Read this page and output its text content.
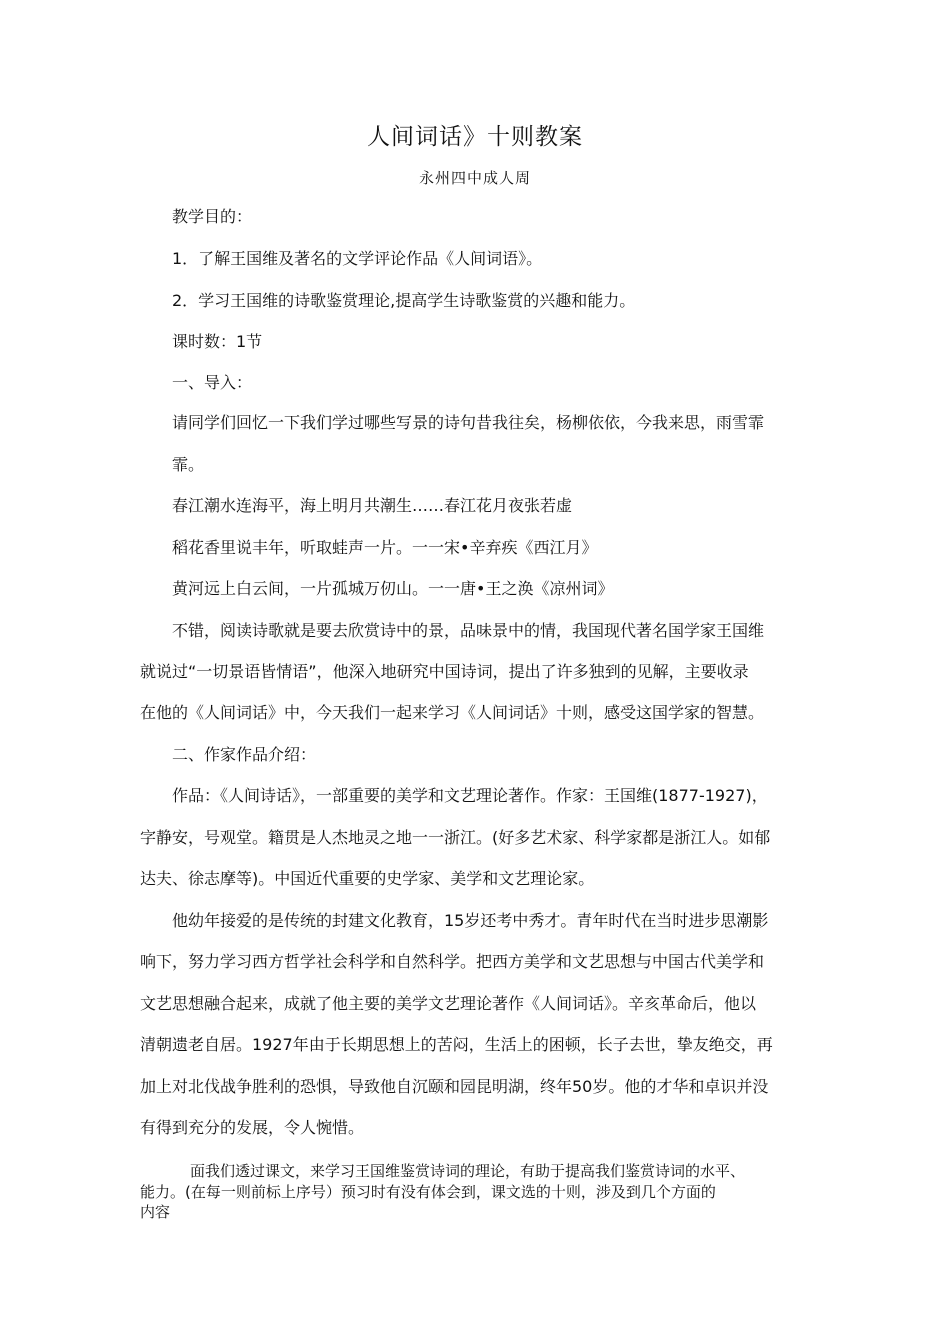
人间词话》十则教案
永州四中成人周
教学目的：
1．了解王国维及著名的文学评论作品《人间词语》。
2．学习王国维的诗歌鉴赏理论,提高学生诗歌鉴赏的兴趣和能力。
课时数：1节
一、导入：
请同学们回忆一下我们学过哪些写景的诗句昔我往矣，杨柳依依，今我来思，雨雪霏
霏。
春江潮水连海平，海上明月共潮生……春江花月夜张若虚
稻花香里说丰年，听取蛙声一片。一一宋•辛弃疾《西江月》
黄河远上白云间，一片孤城万仞山。一一唐•王之涣《凉州词》
不错，阅读诗歌就是要去欣赏诗中的景，品味景中的情，我国现代著名国学家王国维
就说过“一切景语皆情语”，他深入地研究中国诗词，提出了许多独到的见解，主要收录
在他的《人间词话》中，今天我们一起来学习《人间词话》十则，感受这国学家的智慧。
二、作家作品介绍：
作品：《人间诗话》，一部重要的美学和文艺理论著作。作家：王国维(1877-1927)，
字静安，号观堂。籍贯是人杰地灵之地一一浙江。(好多艺术家、科学家都是浙江人。如郁
达夫、徐志摩等)。中国近代重要的史学家、美学和文艺理论家。
他幼年接爱的是传统的封建文化教育，15岁还考中秀才。青年时代在当时进步思潮影
响下，努力学习西方哲学社会科学和自然科学。把西方美学和文艺思想与中国古代美学和
文艺思想融合起来，成就了他主要的美学文艺理论著作《人间词话》。辛亥革命后，他以
清朝遗老自居。1927年由于长期思想上的苦闷，生活上的困顿，长子去世，挚友绝交，再
加上对北伐战争胜利的恐惧，导致他自沉颐和园昆明湖，终年50岁。他的才华和卓识并没
有得到充分的发展，令人惋惜。
面我们透过课文，来学习王国维鉴赏诗词的理论，有助于提高我们鉴赏诗词的水平、
能力。(在每一则前标上序号）预习时有没有体会到，课文选的十则，涉及到几个方面的
内容
